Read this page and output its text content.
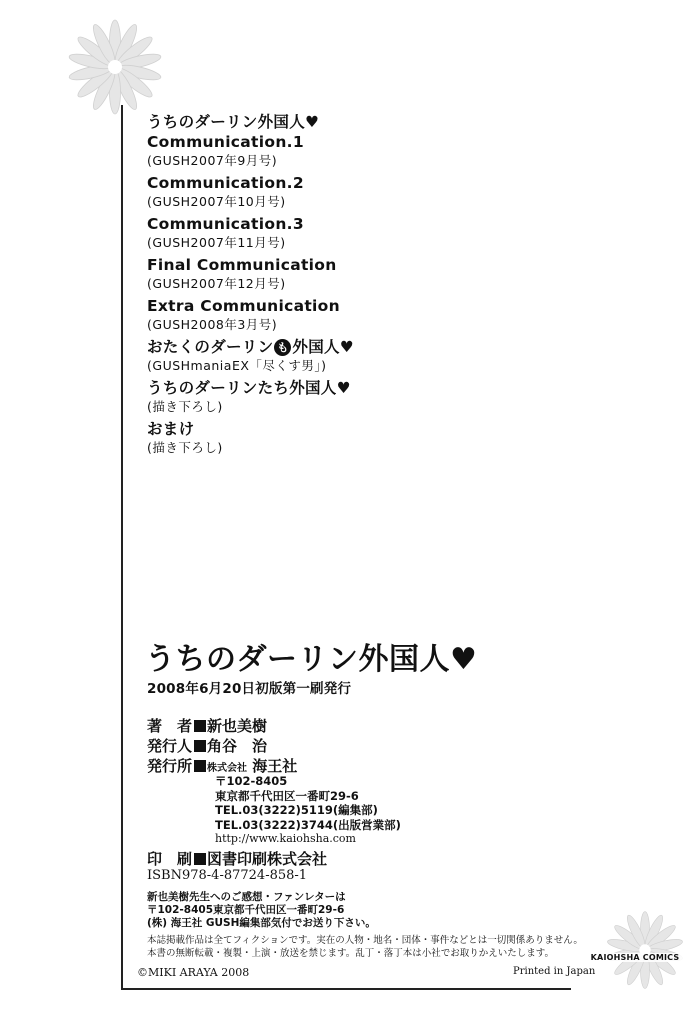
うちのダーリン外国人♥
Communication.1
(GUSH2007年9月号)
Communication.2
(GUSH2007年10月号)
Communication.3
(GUSH2007年11月号)
Final Communication
(GUSH2007年12月号)
Extra Communication
(GUSH2008年3月号)
おたくのダーリン も 外国人♥
(GUSHmaniaEX「尽くす男」)
うちのダーリンたち外国人♥
(描き下ろし)
おまけ
(描き下ろし)
うちのダーリン外国人♥
2008年6月20日初版第一刷発行
著　者 新也美樹
発行人 角谷　治
発行所 株式会社 海王社
〒102-8405
東京都千代田区一番町29-6
TEL.03(3222)5119(編集部)
TEL.03(3222)3744(出版営業部)
http://www.kaiohsha.com
印　刷 図書印刷株式会社
ISBN978-4-87724-858-1
新也美樹先生へのご感想・ファンレターは
〒102-8405東京都千代田区一番町29-6
(株) 海王社 GUSH編集部気付でお送り下さい。
本誌掲載作品は全てフィクションです。実在の人物・地名・団体・事件などとは一切関係ありません。
本書の無断転載・複製・上演・放送を禁じます。乱丁・落丁本は小社でお取りかえいたします。
©MIKI ARAYA 2008	Printed in Japan
KAIOHSHA COMICS
